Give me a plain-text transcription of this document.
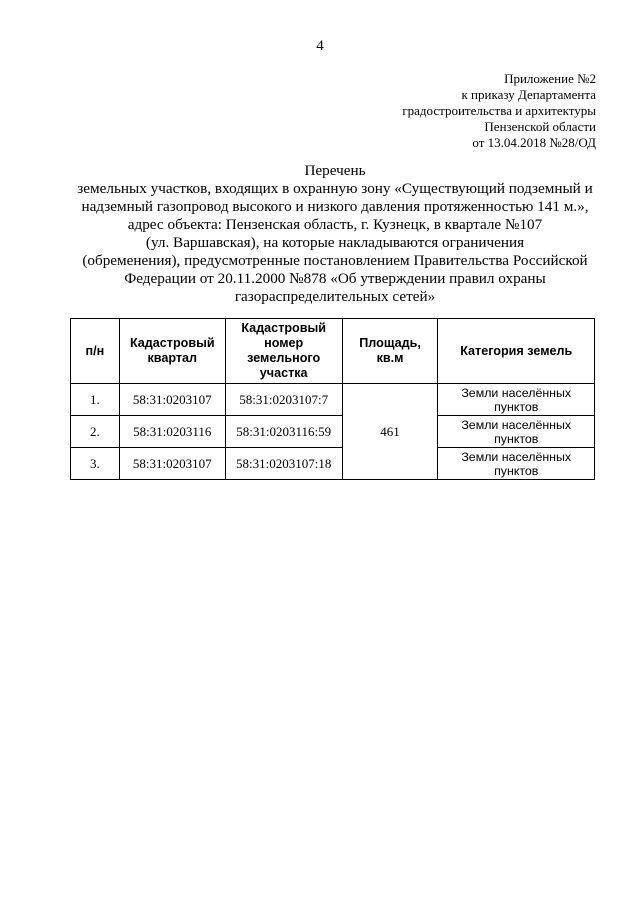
4
Приложение №2
к приказу Департамента
градостроительства и архитектуры
Пензенской области
от 13.04.2018 №28/ОД
Перечень
земельных участков, входящих в охранную зону «Существующий подземный и
надземный газопровод высокого и низкого давления протяженностью 141 м.»,
адрес объекта: Пензенская область, г. Кузнецк, в квартале №107
(ул. Варшавская), на которые накладываются ограничения
(обременения), предусмотренные постановлением Правительства Российской
Федерации от 20.11.2000 №878 «Об утверждении правил охраны
газораспределительных сетей»
п/н	Кадастровый квартал	Кадастровый номер земельного участка	Площадь, кв.м	Категория земель
1.	58:31:0203107	58:31:0203107:7	461	Земли населённых пунктов
2.	58:31:0203116	58:31:0203116:59		Земли населённых пунктов
3.	58:31:0203107	58:31:0203107:18		Земли населённых пунктов
